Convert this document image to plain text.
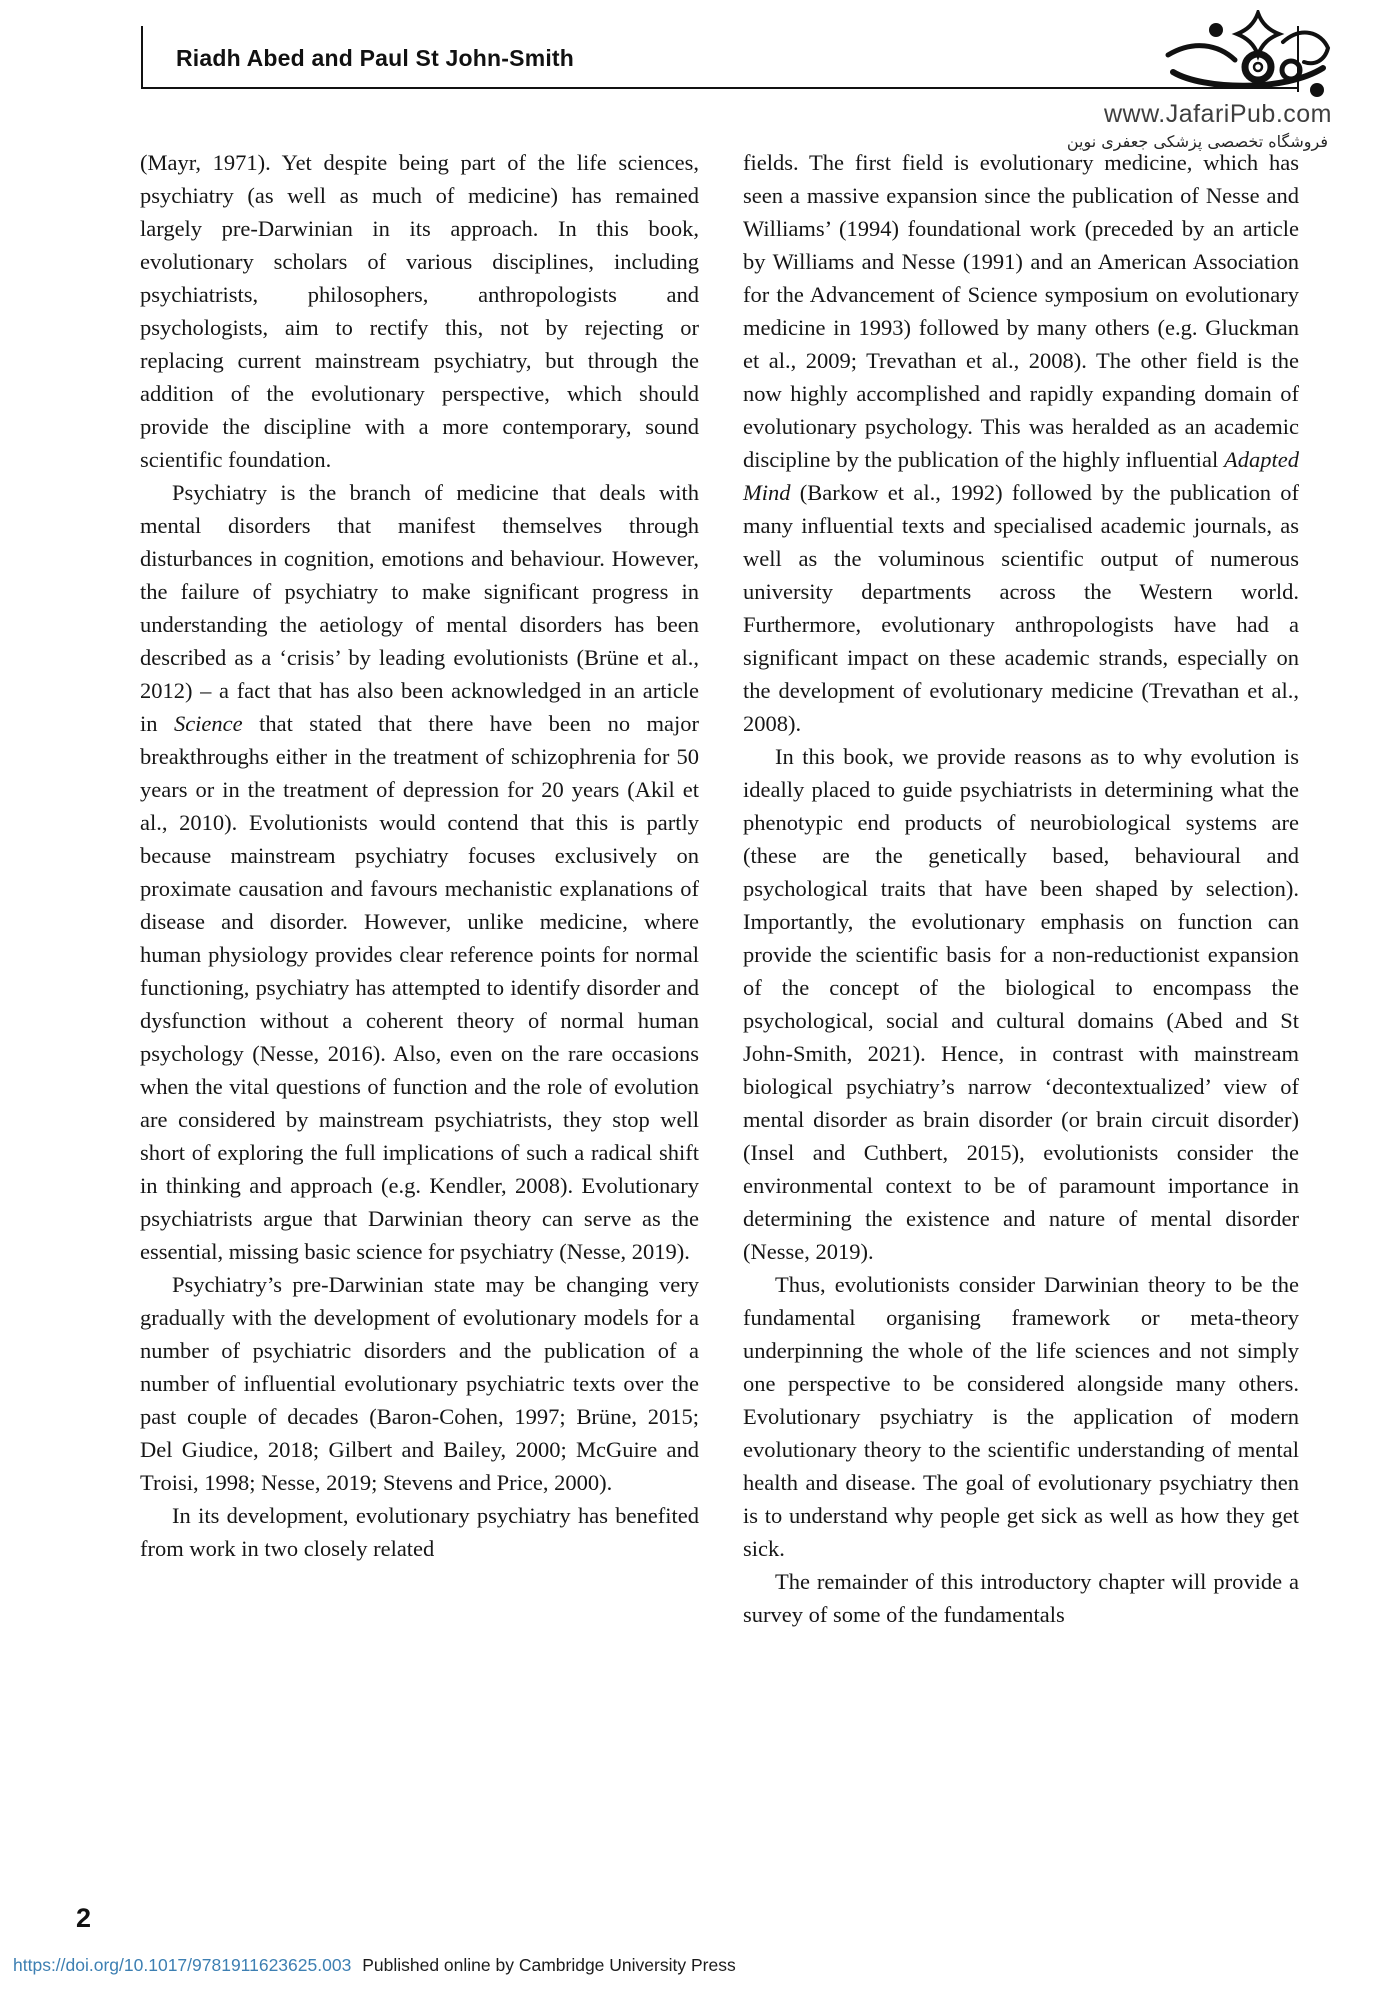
Riadh Abed and Paul St John-Smith
www.JafariPub.com
فروشگاه تخصصی پزشکی جعفری نوین

(Mayr, 1971). Yet despite being part of the life sciences, psychiatry (as well as much of medicine) has remained largely pre-Darwinian in its approach. In this book, evolutionary scholars of various disciplines, including psychiatrists, philosophers, anthropologists and psychologists, aim to rectify this, not by rejecting or replacing current mainstream psychiatry, but through the addition of the evolutionary perspective, which should provide the discipline with a more contemporary, sound scientific foundation.

Psychiatry is the branch of medicine that deals with mental disorders that manifest themselves through disturbances in cognition, emotions and behaviour. However, the failure of psychiatry to make significant progress in understanding the aetiology of mental disorders has been described as a ‘crisis’ by leading evolutionists (Brüne et al., 2012) – a fact that has also been acknowledged in an article in Science that stated that there have been no major breakthroughs either in the treatment of schizophrenia for 50 years or in the treatment of depression for 20 years (Akil et al., 2010). Evolutionists would contend that this is partly because mainstream psychiatry focuses exclusively on proximate causation and favours mechanistic explanations of disease and disorder. However, unlike medicine, where human physiology provides clear reference points for normal functioning, psychiatry has attempted to identify disorder and dysfunction without a coherent theory of normal human psychology (Nesse, 2016). Also, even on the rare occasions when the vital questions of function and the role of evolution are considered by mainstream psychiatrists, they stop well short of exploring the full implications of such a radical shift in thinking and approach (e.g. Kendler, 2008). Evolutionary psychiatrists argue that Darwinian theory can serve as the essential, missing basic science for psychiatry (Nesse, 2019).

Psychiatry’s pre-Darwinian state may be changing very gradually with the development of evolutionary models for a number of psychiatric disorders and the publication of a number of influential evolutionary psychiatric texts over the past couple of decades (Baron-Cohen, 1997; Brüne, 2015; Del Giudice, 2018; Gilbert and Bailey, 2000; McGuire and Troisi, 1998; Nesse, 2019; Stevens and Price, 2000).

In its development, evolutionary psychiatry has benefited from work in two closely related

fields. The first field is evolutionary medicine, which has seen a massive expansion since the publication of Nesse and Williams’ (1994) foundational work (preceded by an article by Williams and Nesse (1991) and an American Association for the Advancement of Science symposium on evolutionary medicine in 1993) followed by many others (e.g. Gluckman et al., 2009; Trevathan et al., 2008). The other field is the now highly accomplished and rapidly expanding domain of evolutionary psychology. This was heralded as an academic discipline by the publication of the highly influential Adapted Mind (Barkow et al., 1992) followed by the publication of many influential texts and specialised academic journals, as well as the voluminous scientific output of numerous university departments across the Western world. Furthermore, evolutionary anthropologists have had a significant impact on these academic strands, especially on the development of evolutionary medicine (Trevathan et al., 2008).

In this book, we provide reasons as to why evolution is ideally placed to guide psychiatrists in determining what the phenotypic end products of neurobiological systems are (these are the genetically based, behavioural and psychological traits that have been shaped by selection). Importantly, the evolutionary emphasis on function can provide the scientific basis for a non-reductionist expansion of the concept of the biological to encompass the psychological, social and cultural domains (Abed and St John-Smith, 2021). Hence, in contrast with mainstream biological psychiatry’s narrow ‘decontextualized’ view of mental disorder as brain disorder (or brain circuit disorder) (Insel and Cuthbert, 2015), evolutionists consider the environmental context to be of paramount importance in determining the existence and nature of mental disorder (Nesse, 2019).

Thus, evolutionists consider Darwinian theory to be the fundamental organising framework or meta-theory underpinning the whole of the life sciences and not simply one perspective to be considered alongside many others. Evolutionary psychiatry is the application of modern evolutionary theory to the scientific understanding of mental health and disease. The goal of evolutionary psychiatry then is to understand why people get sick as well as how they get sick.

The remainder of this introductory chapter will provide a survey of some of the fundamentals

2
https://doi.org/10.1017/9781911623625.003 Published online by Cambridge University Press
